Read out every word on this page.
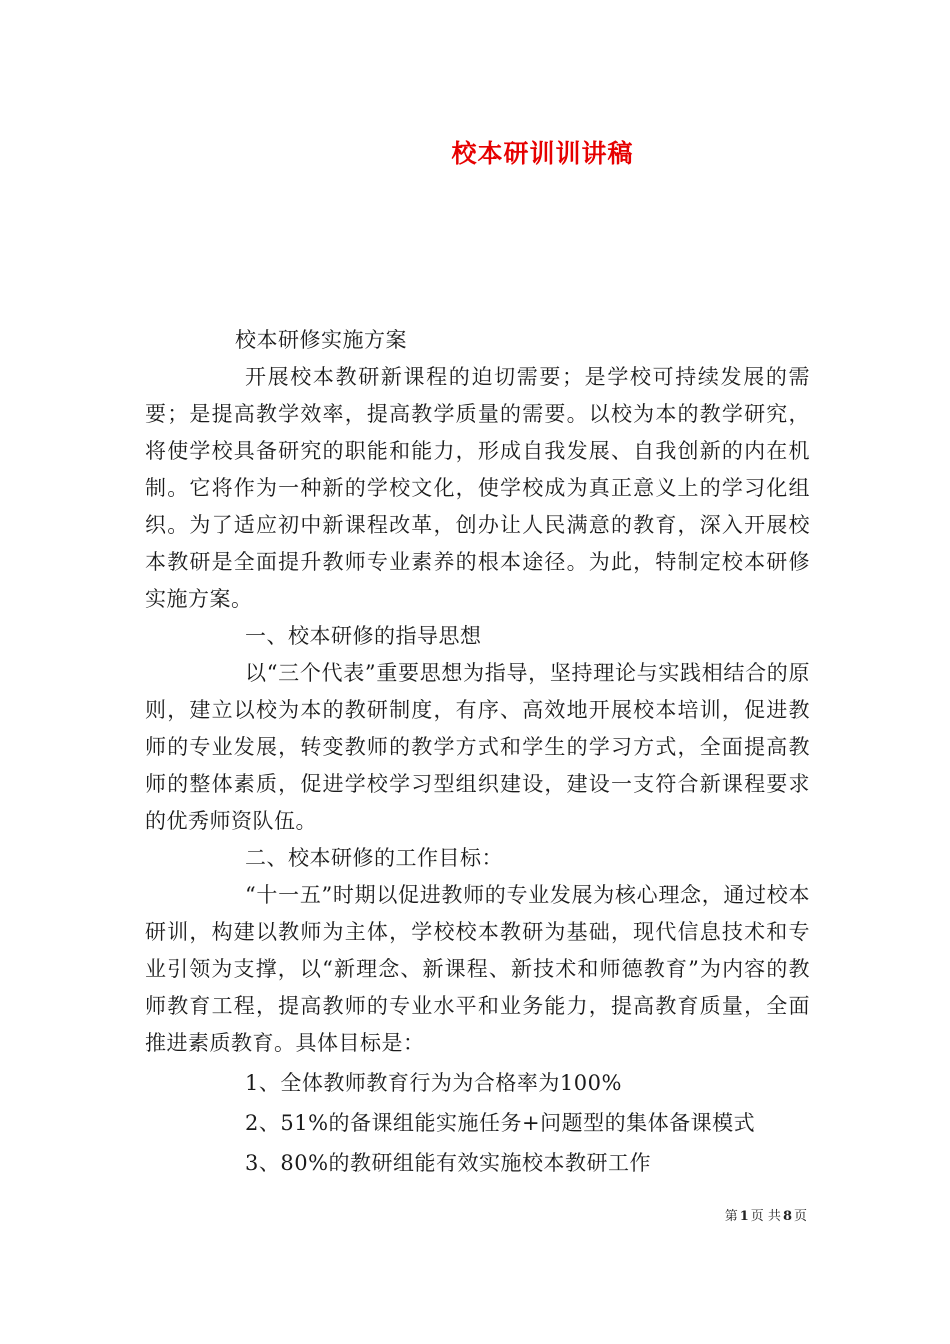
校本研训训讲稿

校本研修实施方案

开展校本教研新课程的迫切需要；是学校可持续发展的需要；是提高教学效率，提高教学质量的需要。以校为本的教学研究，将使学校具备研究的职能和能力，形成自我发展、自我创新的内在机制。它将作为一种新的学校文化，使学校成为真正意义上的学习化组织。为了适应初中新课程改革，创办让人民满意的教育，深入开展校本教研是全面提升教师专业素养的根本途径。为此，特制定校本研修实施方案。

一、校本研修的指导思想

以“三个代表”重要思想为指导，坚持理论与实践相结合的原则，建立以校为本的教研制度，有序、高效地开展校本培训，促进教师的专业发展，转变教师的教学方式和学生的学习方式，全面提高教师的整体素质，促进学校学习型组织建设，建设一支符合新课程要求的优秀师资队伍。

二、校本研修的工作目标：

“十一五”时期以促进教师的专业发展为核心理念，通过校本研训，构建以教师为主体，学校校本教研为基础，现代信息技术和专业引领为支撑，以“新理念、新课程、新技术和师德教育”为内容的教师教育工程，提高教师的专业水平和业务能力，提高教育质量，全面推进素质教育。具体目标是：

1、全体教师教育行为为合格率为100%

2、51%的备课组能实施任务+问题型的集体备课模式

3、80%的教研组能有效实施校本教研工作

第 1 页 共 8 页
